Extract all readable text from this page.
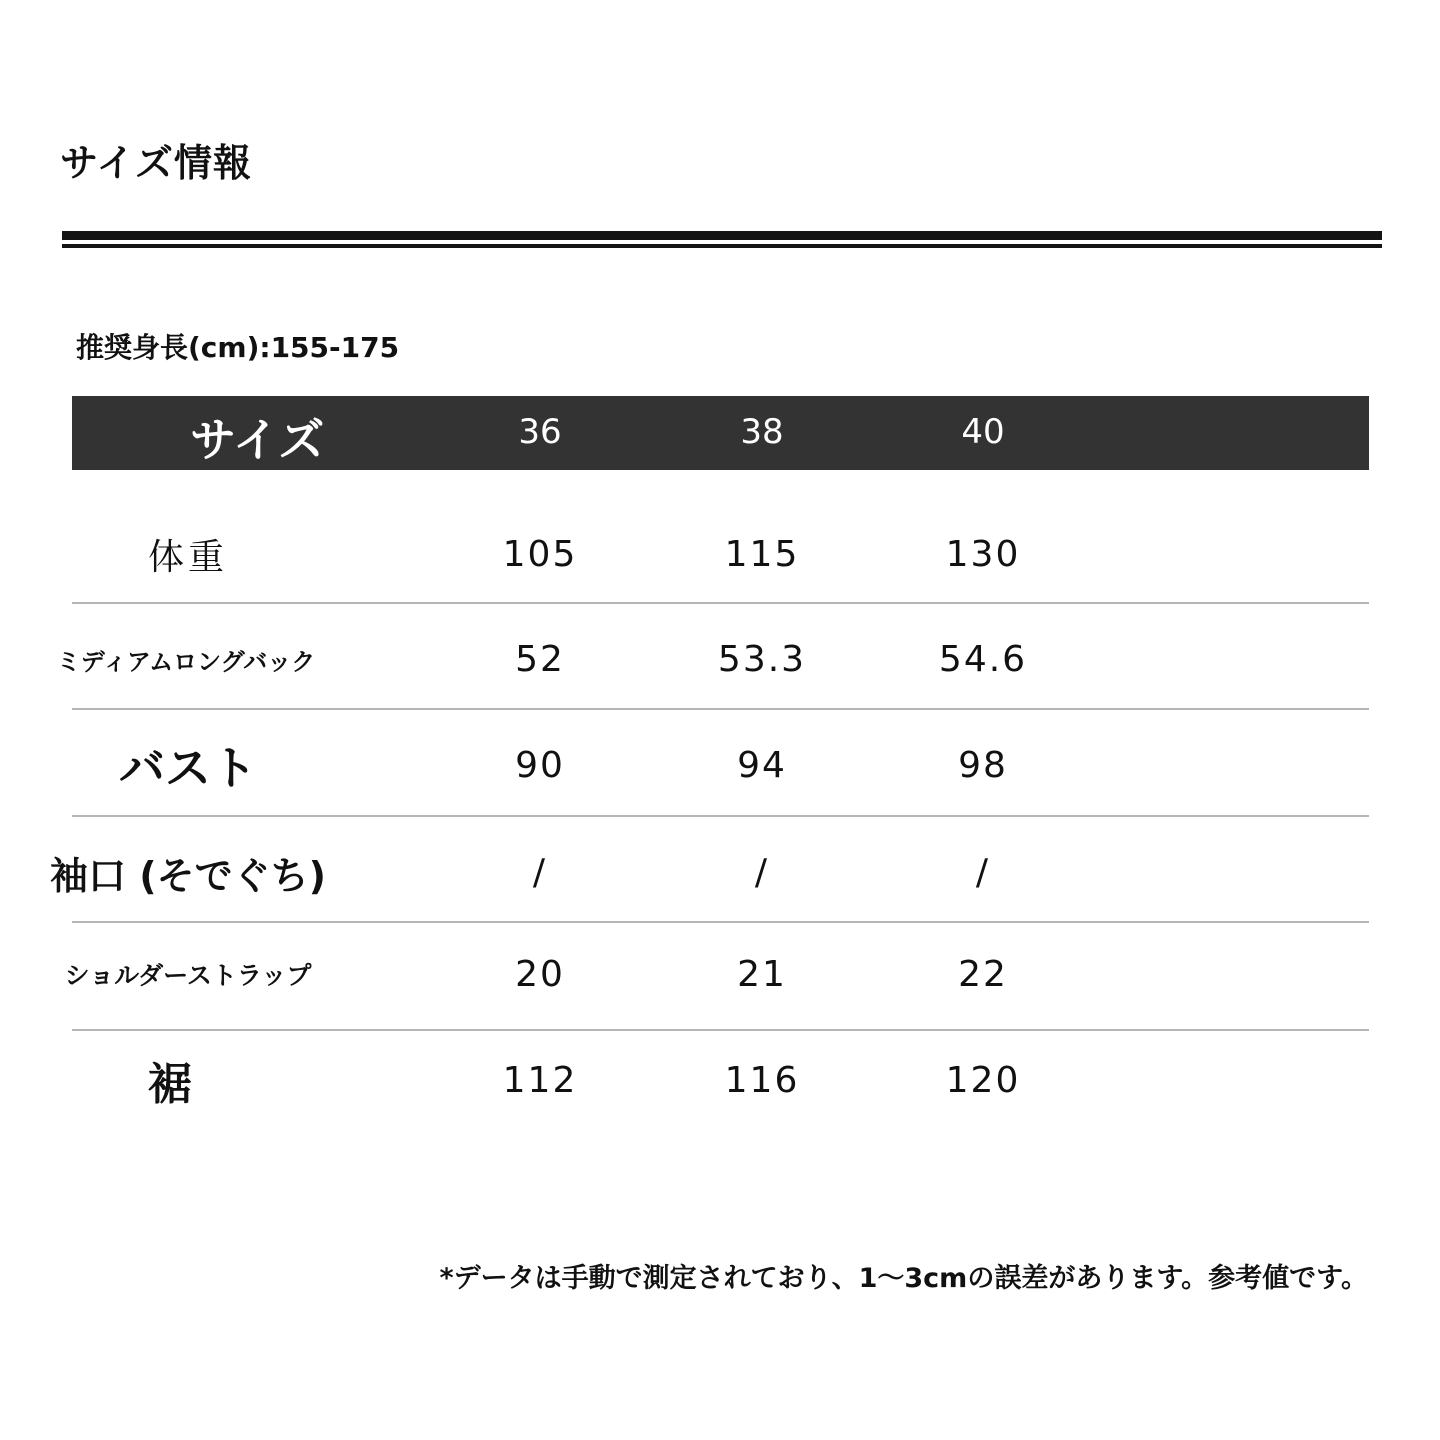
サイズ情報
推奨身長(cm):155-175
サイズ	36	38	40
体重	105	115	130
ミディアムロングバック	52	53.3	54.6
バスト	90	94	98
袖口 (そでぐち)	/	/	/
ショルダーストラップ	20	21	22
裾	112	116	120
*データは手動で測定されており、1～3cmの誤差があります。参考値です。
